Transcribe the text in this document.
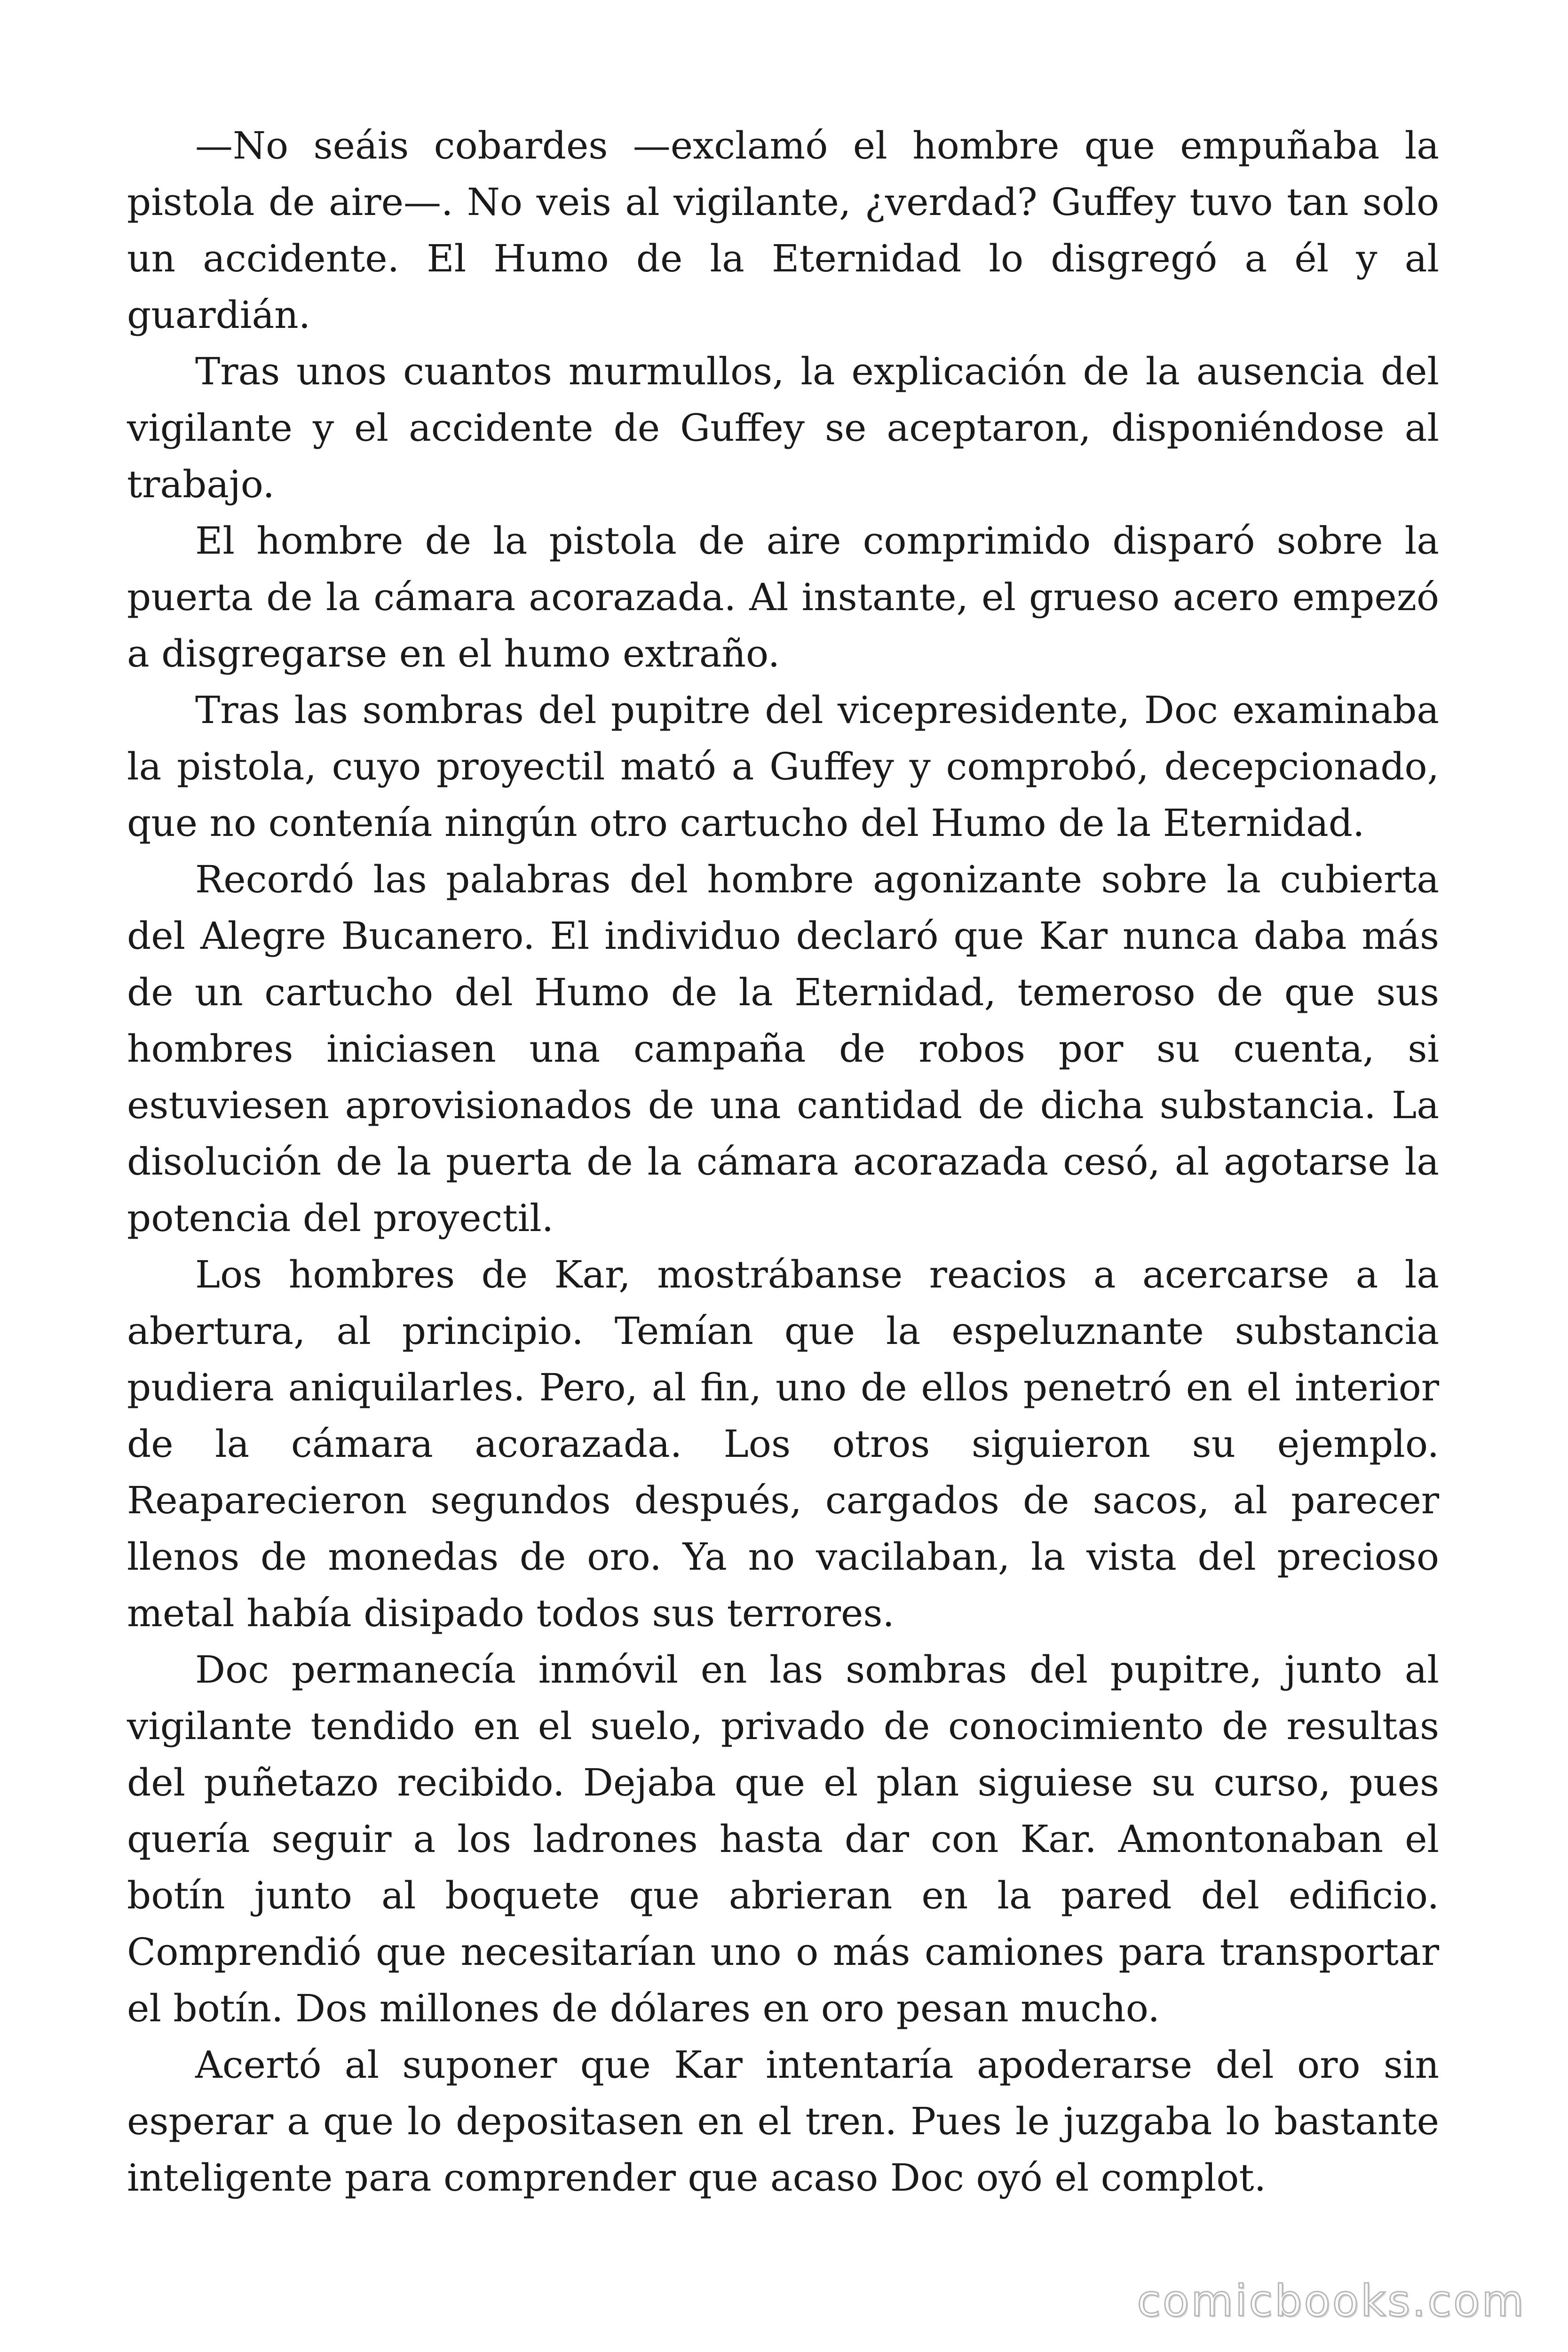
—No seáis cobardes —exclamó el hombre que empuñaba la pistola de aire—. No veis al vigilante, ¿verdad? Guffey tuvo tan solo un accidente. El Humo de la Eternidad lo disgregó a él y al guardián.

Tras unos cuantos murmullos, la explicación de la ausencia del vigilante y el accidente de Guffey se aceptaron, disponiéndose al trabajo.

El hombre de la pistola de aire comprimido disparó sobre la puerta de la cámara acorazada. Al instante, el grueso acero empezó a disgregarse en el humo extraño.

Tras las sombras del pupitre del vicepresidente, Doc examinaba la pistola, cuyo proyectil mató a Guffey y comprobó, decepcionado, que no contenía ningún otro cartucho del Humo de la Eternidad.

Recordó las palabras del hombre agonizante sobre la cubierta del Alegre Bucanero. El individuo declaró que Kar nunca daba más de un cartucho del Humo de la Eternidad, temeroso de que sus hombres iniciasen una campaña de robos por su cuenta, si estuviesen aprovisionados de una cantidad de dicha substancia. La disolución de la puerta de la cámara acorazada cesó, al agotarse la potencia del proyectil.

Los hombres de Kar, mostrábanse reacios a acercarse a la abertura, al principio. Temían que la espeluznante substancia pudiera aniquilarles. Pero, al fin, uno de ellos penetró en el interior de la cámara acorazada. Los otros siguieron su ejemplo. Reaparecieron segundos después, cargados de sacos, al parecer llenos de monedas de oro. Ya no vacilaban, la vista del precioso metal había disipado todos sus terrores.

Doc permanecía inmóvil en las sombras del pupitre, junto al vigilante tendido en el suelo, privado de conocimiento de resultas del puñetazo recibido. Dejaba que el plan siguiese su curso, pues quería seguir a los ladrones hasta dar con Kar. Amontonaban el botín junto al boquete que abrieran en la pared del edificio. Comprendió que necesitarían uno o más camiones para transportar el botín. Dos millones de dólares en oro pesan mucho.

Acertó al suponer que Kar intentaría apoderarse del oro sin esperar a que lo depositasen en el tren. Pues le juzgaba lo bastante inteligente para comprender que acaso Doc oyó el complot.

comicbooks.com
